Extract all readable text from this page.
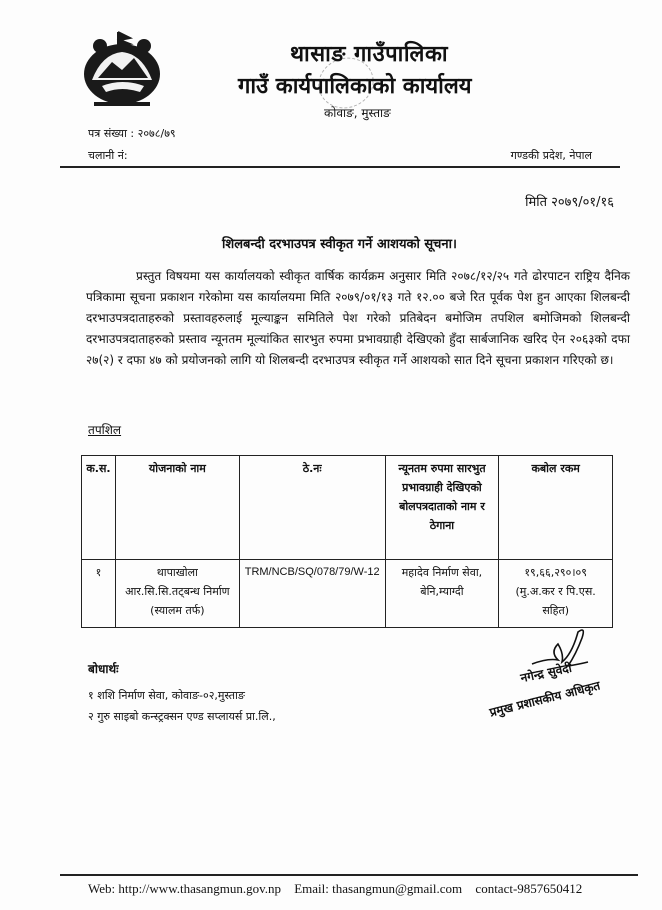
थासाङ गाउँपालिका
गाउँ कार्यपालिकाको कार्यालय
कोवाङ, मुस्ताङ
पत्र संख्या : २०७८/७९
चलानी नं:	गण्डकी प्रदेश, नेपाल
मिति २०७९/०१/१६
शिलबन्दी दरभाउपत्र स्वीकृत गर्ने आशयको सूचना।
प्रस्तुत विषयमा यस कार्यालयको स्वीकृत वार्षिक कार्यक्रम अनुसार मिति २०७८/१२/२५ गते ढोरपाटन राष्ट्रिय दैनिक पत्रिकामा सूचना प्रकाशन गरेकोमा यस कार्यालयमा मिति २०७९/०१/१३ गते १२.०० बजे रित पूर्वक पेश हुन आएका शिलबन्दी दरभाउपत्रदाताहरुको प्रस्तावहरुलाई मूल्याङ्कन समितिले पेश गरेको प्रतिबेदन बमोजिम तपशिल बमोजिमको शिलबन्दी दरभाउपत्रदाताहरुको प्रस्ताव न्यूनतम मूल्यांकित सारभुत रुपमा प्रभावग्राही देखिएको हुँदा सार्बजानिक खरिद ऐन २०६३को दफा २७(२) र दफा ४७ को प्रयोजनको लागि यो शिलबन्दी दरभाउपत्र स्वीकृत गर्ने आशयको सात दिने सूचना प्रकाशन गरिएको छ।
तपशिल
क.स.	योजनाको नाम	ठे.नः	न्यूनतम रुपमा सारभुत प्रभावग्राही देखिएको बोलपत्रदाताको नाम र ठेगाना	कबोल रकम
१	थापाखोला आर.सि.सि.तट्बन्ध निर्माण (स्यालम तर्फ)	TRM/NCB/SQ/078/79/W-12	महादेव निर्माण सेवा, बेनि,म्याग्दी	१९,६६,२९०।०९ (मु.अ.कर र पि.एस. सहित)
नगेन्द्र सुवेदी
प्रमुख प्रशासकीय अधिकृत
बोधार्थः
१ शशि निर्माण सेवा, कोवाङ-०२,मुस्ताङ
२ गुरु साइबो कन्स्ट्रक्सन एण्ड सप्लायर्स प्रा.लि.,
Web: http://www.thasangmun.gov.np Email: thasangmun@gmail.com contact-9857650412
